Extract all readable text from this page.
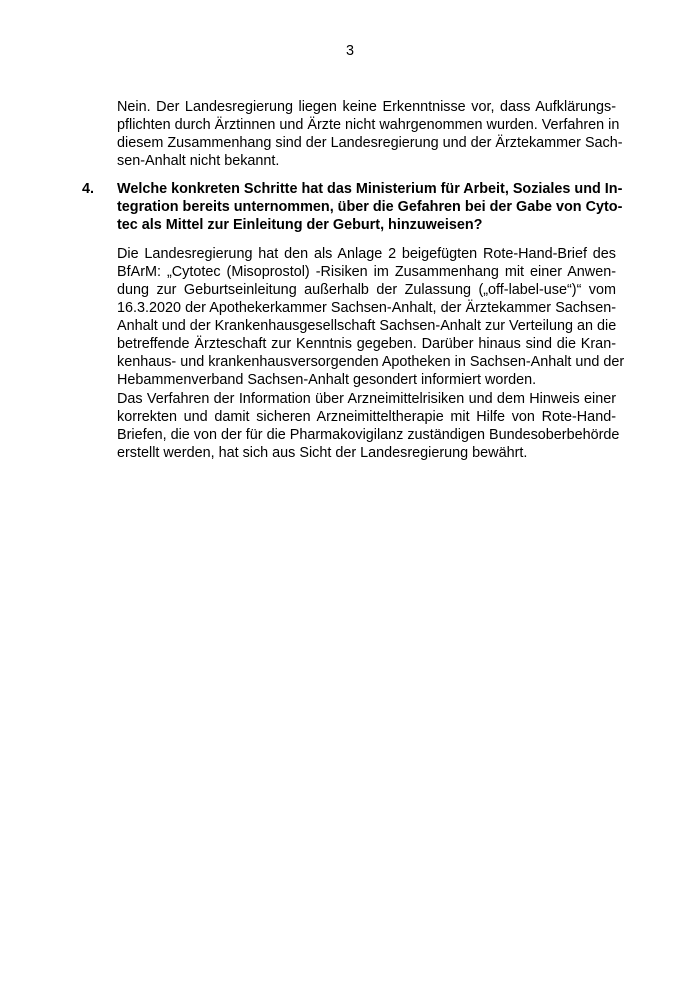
3
Nein. Der Landesregierung liegen keine Erkenntnisse vor, dass Aufklärungs-
pflichten durch Ärztinnen und Ärzte nicht wahrgenommen wurden. Verfahren in
diesem Zusammenhang sind der Landesregierung und der Ärztekammer Sach-
sen-Anhalt nicht bekannt.
4. Welche konkreten Schritte hat das Ministerium für Arbeit, Soziales und In-
tegration bereits unternommen, über die Gefahren bei der Gabe von Cyto-
tec als Mittel zur Einleitung der Geburt, hinzuweisen?
Die Landesregierung hat den als Anlage 2 beigefügten Rote-Hand-Brief des
BfArM: „Cytotec (Misoprostol) -Risiken im Zusammenhang mit einer Anwen-
dung zur Geburtseinleitung außerhalb der Zulassung („off-label-use“)“ vom
16.3.2020 der Apothekerkammer Sachsen-Anhalt, der Ärztekammer Sachsen-
Anhalt und der Krankenhausgesellschaft Sachsen-Anhalt zur Verteilung an die
betreffende Ärzteschaft zur Kenntnis gegeben. Darüber hinaus sind die Kran-
kenhaus- und krankenhausversorgenden Apotheken in Sachsen-Anhalt und der
Hebammenverband Sachsen-Anhalt gesondert informiert worden.
Das Verfahren der Information über Arzneimittelrisiken und dem Hinweis einer
korrekten und damit sicheren Arzneimitteltherapie mit Hilfe von Rote-Hand-
Briefen, die von der für die Pharmakovigilanz zuständigen Bundesoberbehörde
erstellt werden, hat sich aus Sicht der Landesregierung bewährt.
